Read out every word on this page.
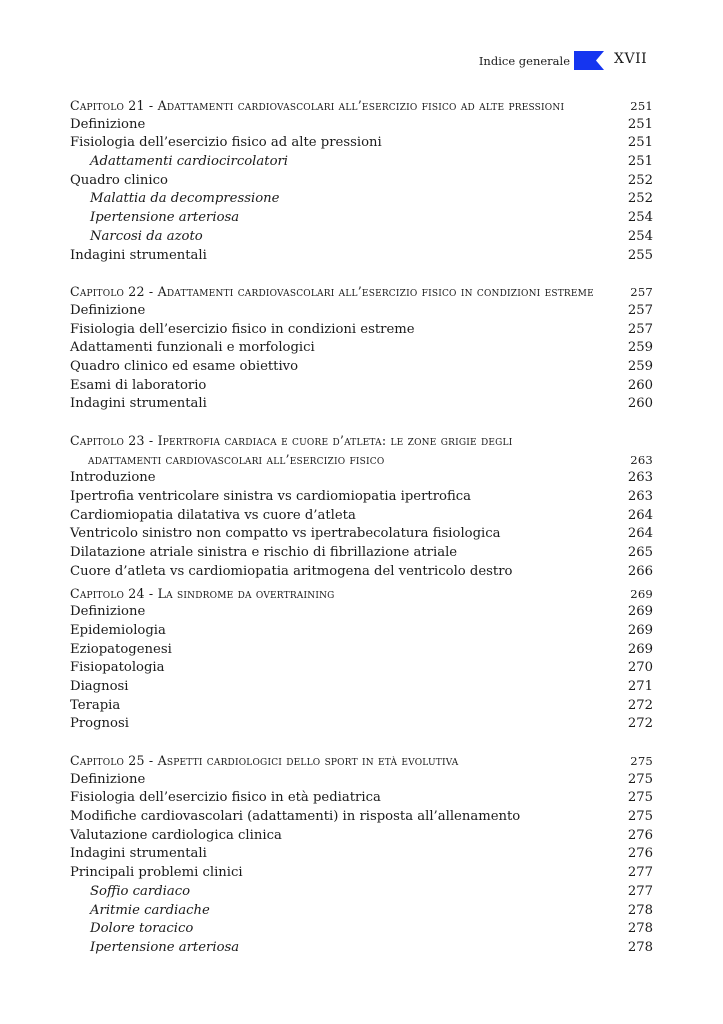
Indice generale	XVII
Capitolo 21 - Adattamenti cardiovascolari all’esercizio fisico ad alte pressioni	251
Definizione	251
Fisiologia dell’esercizio fisico ad alte pressioni	251
Adattamenti cardiocircolatori	251
Quadro clinico	252
Malattia da decompressione	252
Ipertensione arteriosa	254
Narcosi da azoto	254
Indagini strumentali	255
Capitolo 22 - Adattamenti cardiovascolari all’esercizio fisico in condizioni estreme	257
Definizione	257
Fisiologia dell’esercizio fisico in condizioni estreme	257
Adattamenti funzionali e morfologici	259
Quadro clinico ed esame obiettivo	259
Esami di laboratorio	260
Indagini strumentali	260
Capitolo 23 - Ipertrofia cardiaca e cuore d’atleta: le zone grigie degli
adattamenti cardiovascolari all’esercizio fisico	263
Introduzione	263
Ipertrofia ventricolare sinistra vs cardiomiopatia ipertrofica	263
Cardiomiopatia dilatativa vs cuore d’atleta	264
Ventricolo sinistro non compatto vs ipertrabecolatura fisiologica	264
Dilatazione atriale sinistra e rischio di fibrillazione atriale	265
Cuore d’atleta vs cardiomiopatia aritmogena del ventricolo destro	266
Capitolo 24 - La sindrome da overtraining	269
Definizione	269
Epidemiologia	269
Eziopatogenesi	269
Fisiopatologia	270
Diagnosi	271
Terapia	272
Prognosi	272
Capitolo 25 - Aspetti cardiologici dello sport in età evolutiva	275
Definizione	275
Fisiologia dell’esercizio fisico in età pediatrica	275
Modifiche cardiovascolari (adattamenti) in risposta all’allenamento	275
Valutazione cardiologica clinica	276
Indagini strumentali	276
Principali problemi clinici	277
Soffio cardiaco	277
Aritmie cardiache	278
Dolore toracico	278
Ipertensione arteriosa	278
